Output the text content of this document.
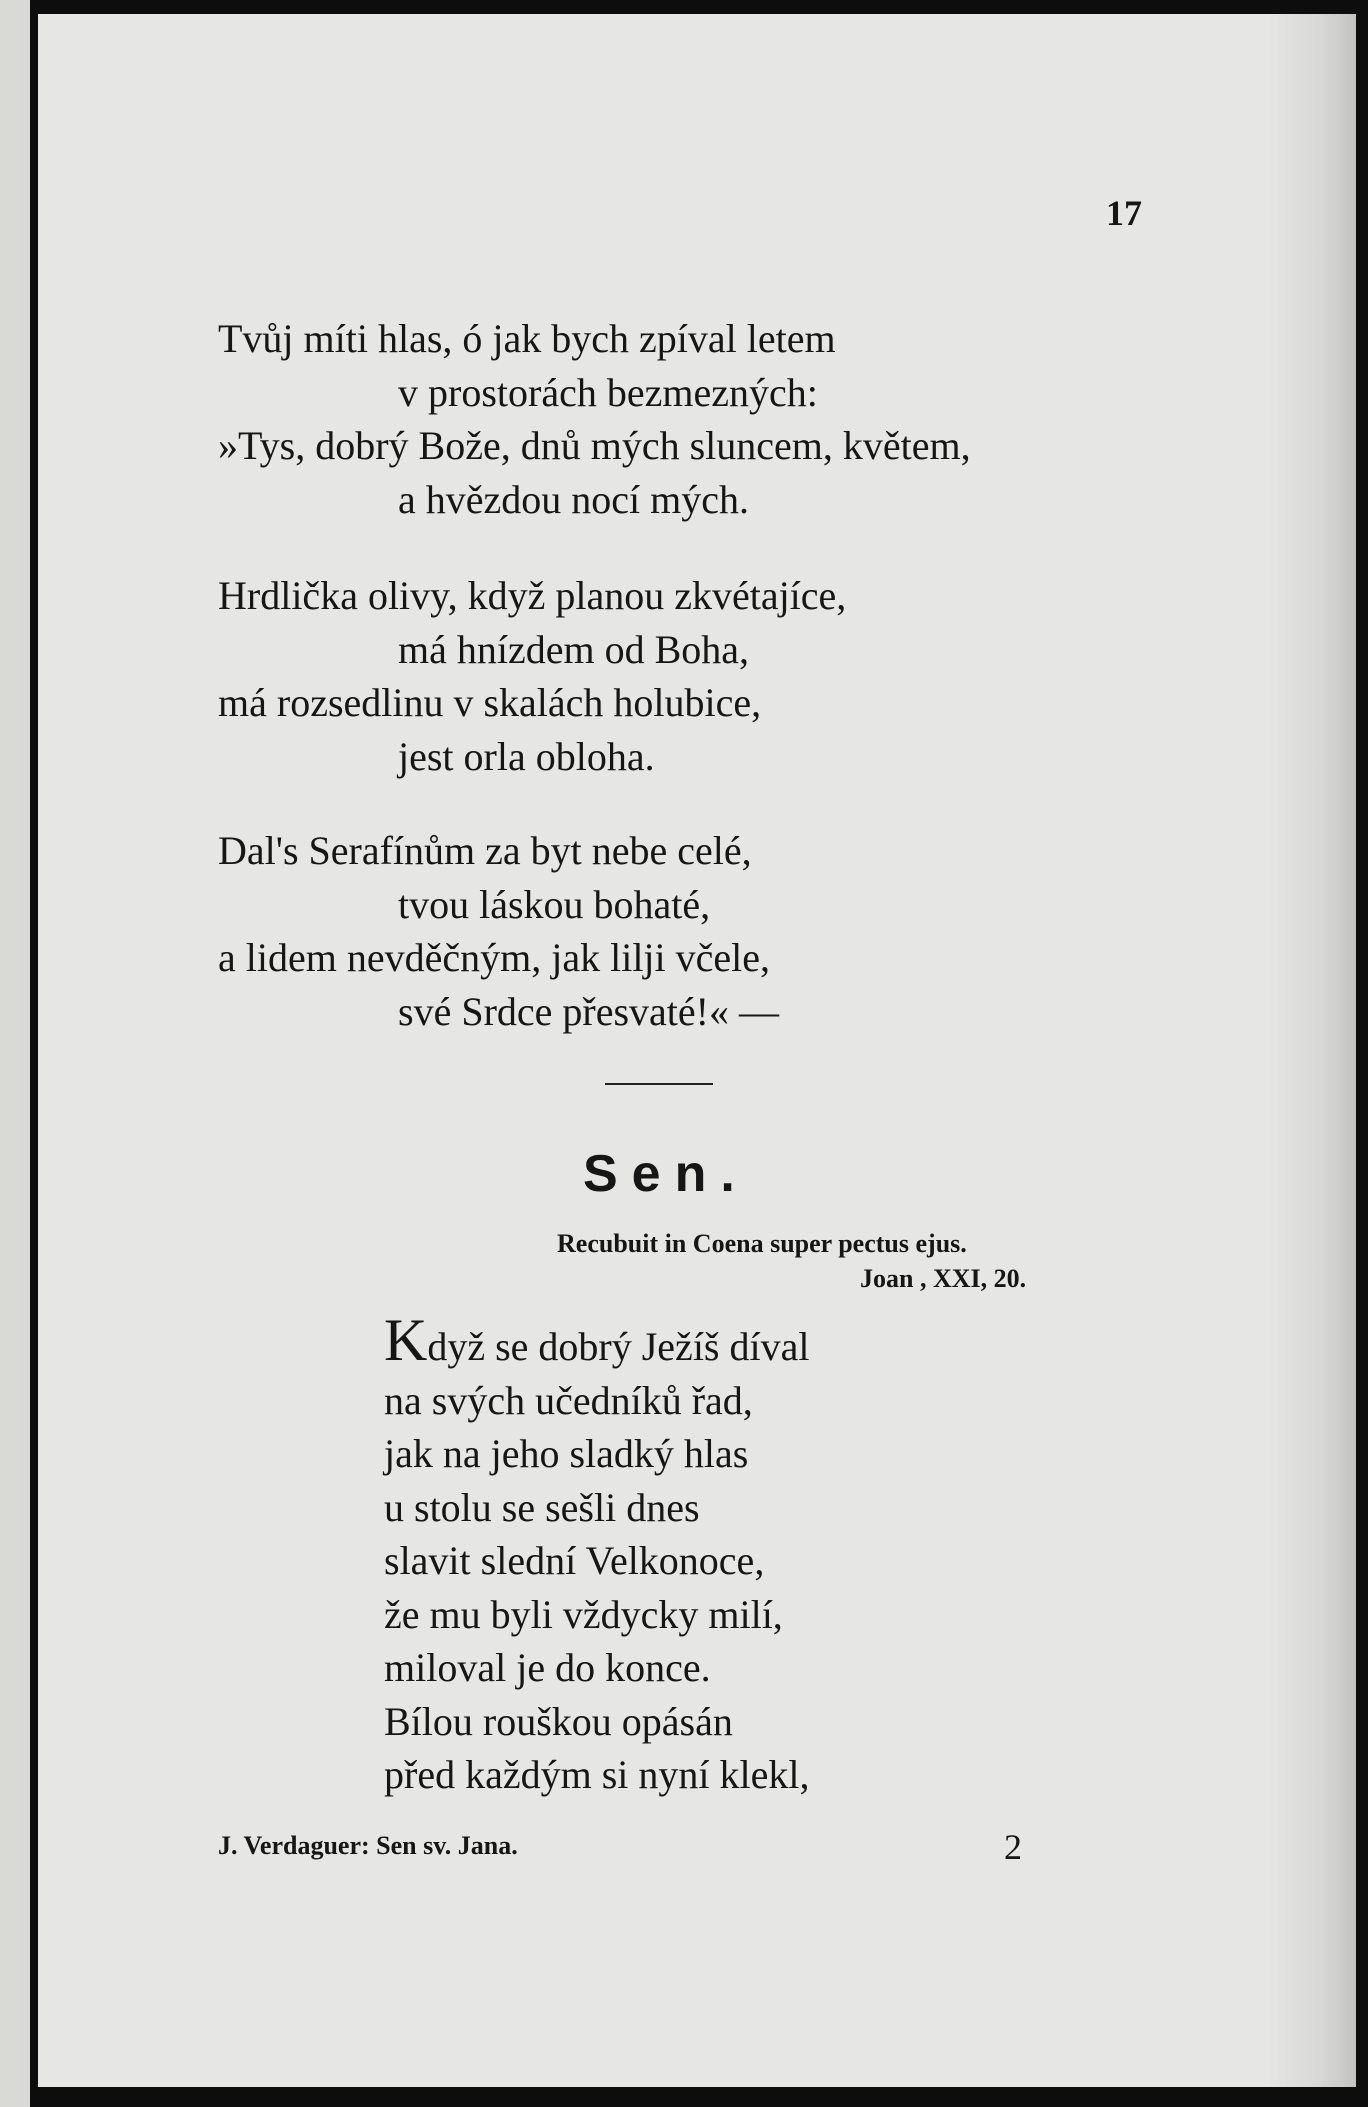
17

Tvůj míti hlas, ó jak bych zpíval letem
v prostorách bezmezných:
»Tys, dobrý Bože, dnů mých sluncem, květem,
a hvězdou nocí mých.
Hrdlička olivy, když planou zkvétajíce,
má hnízdem od Boha,
má rozsedlinu v skalách holubice,
jest orla obloha.
Dal's Serafínům za byt nebe celé,
tvou láskou bohaté,
a lidem nevděčným, jak lilji včele,
své Srdce přesvaté!« —

Sen.

Recubuit in Coena super pectus ejus.

Joan , XXI, 20.

Když se dobrý Ježíš díval
na svých učedníků řad,
jak na jeho sladký hlas
u stolu se sešli dnes
slavit slední Velkonoce,
že mu byli vždycky milí,
miloval je do konce.
Bílou rouškou opásán
před každým si nyní klekl,

J. Verdaguer: Sen sv. Jana.	2
